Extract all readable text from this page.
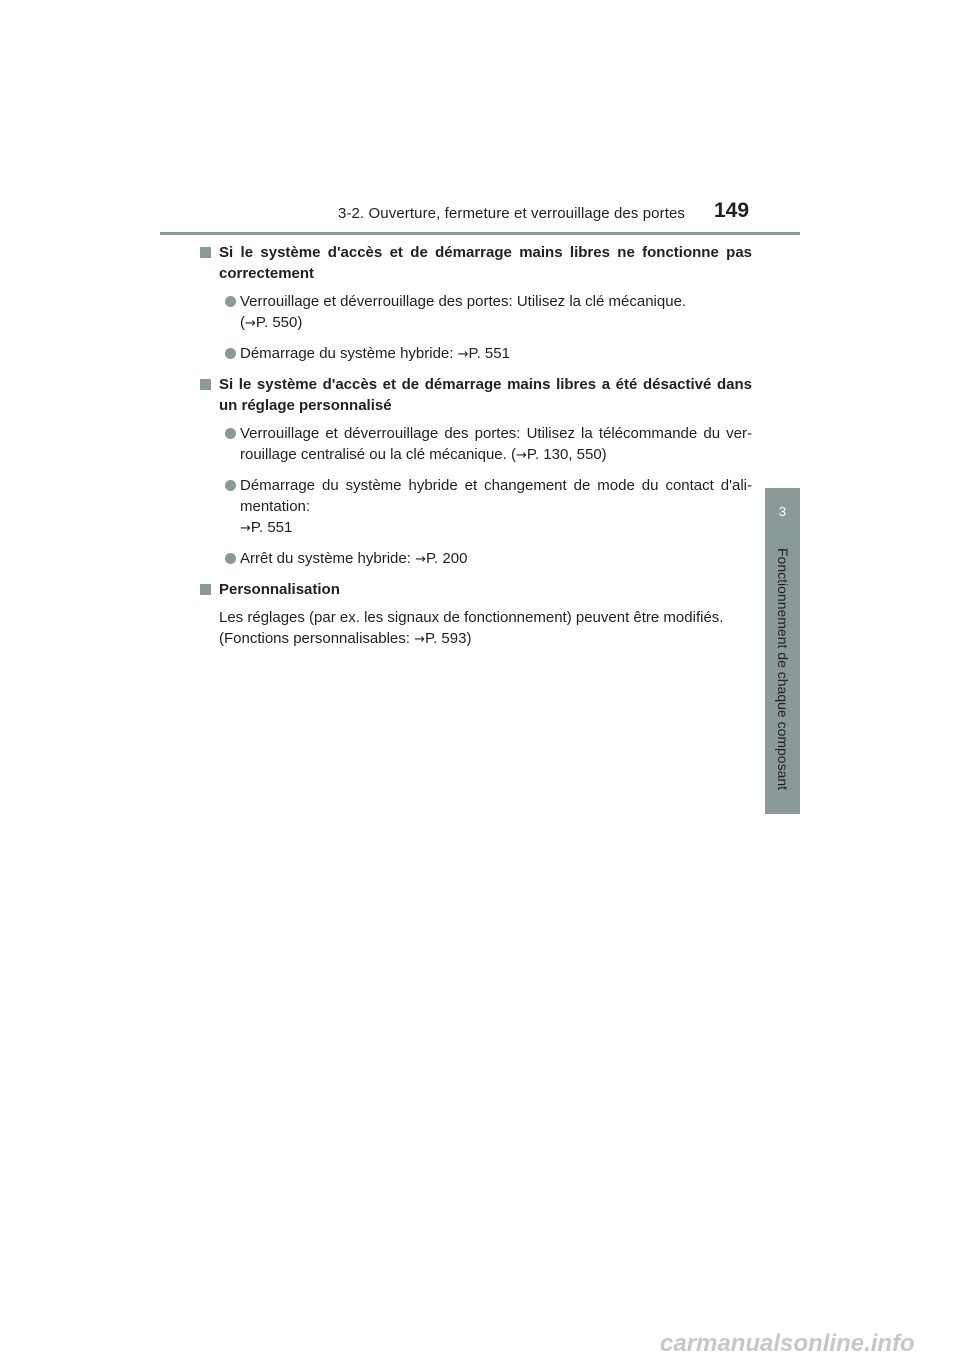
3-2. Ouverture, fermeture et verrouillage des portes 149
3
Fonctionnement de chaque composant
Si le système d'accès et de démarrage mains libres ne fonctionne pas correctement
Verrouillage et déverrouillage des portes: Utilisez la clé mécanique.
(→P. 550)
Démarrage du système hybride: →P. 551
Si le système d'accès et de démarrage mains libres a été désactivé dans un réglage personnalisé
Verrouillage et déverrouillage des portes: Utilisez la télécommande du ver-rouillage centralisé ou la clé mécanique. (→P. 130, 550)
Démarrage du système hybride et changement de mode du contact d'ali-mentation:
→P. 551
Arrêt du système hybride: →P. 200
Personnalisation
Les réglages (par ex. les signaux de fonctionnement) peuvent être modifiés.
(Fonctions personnalisables: →P. 593)
carmanualsonline.info
